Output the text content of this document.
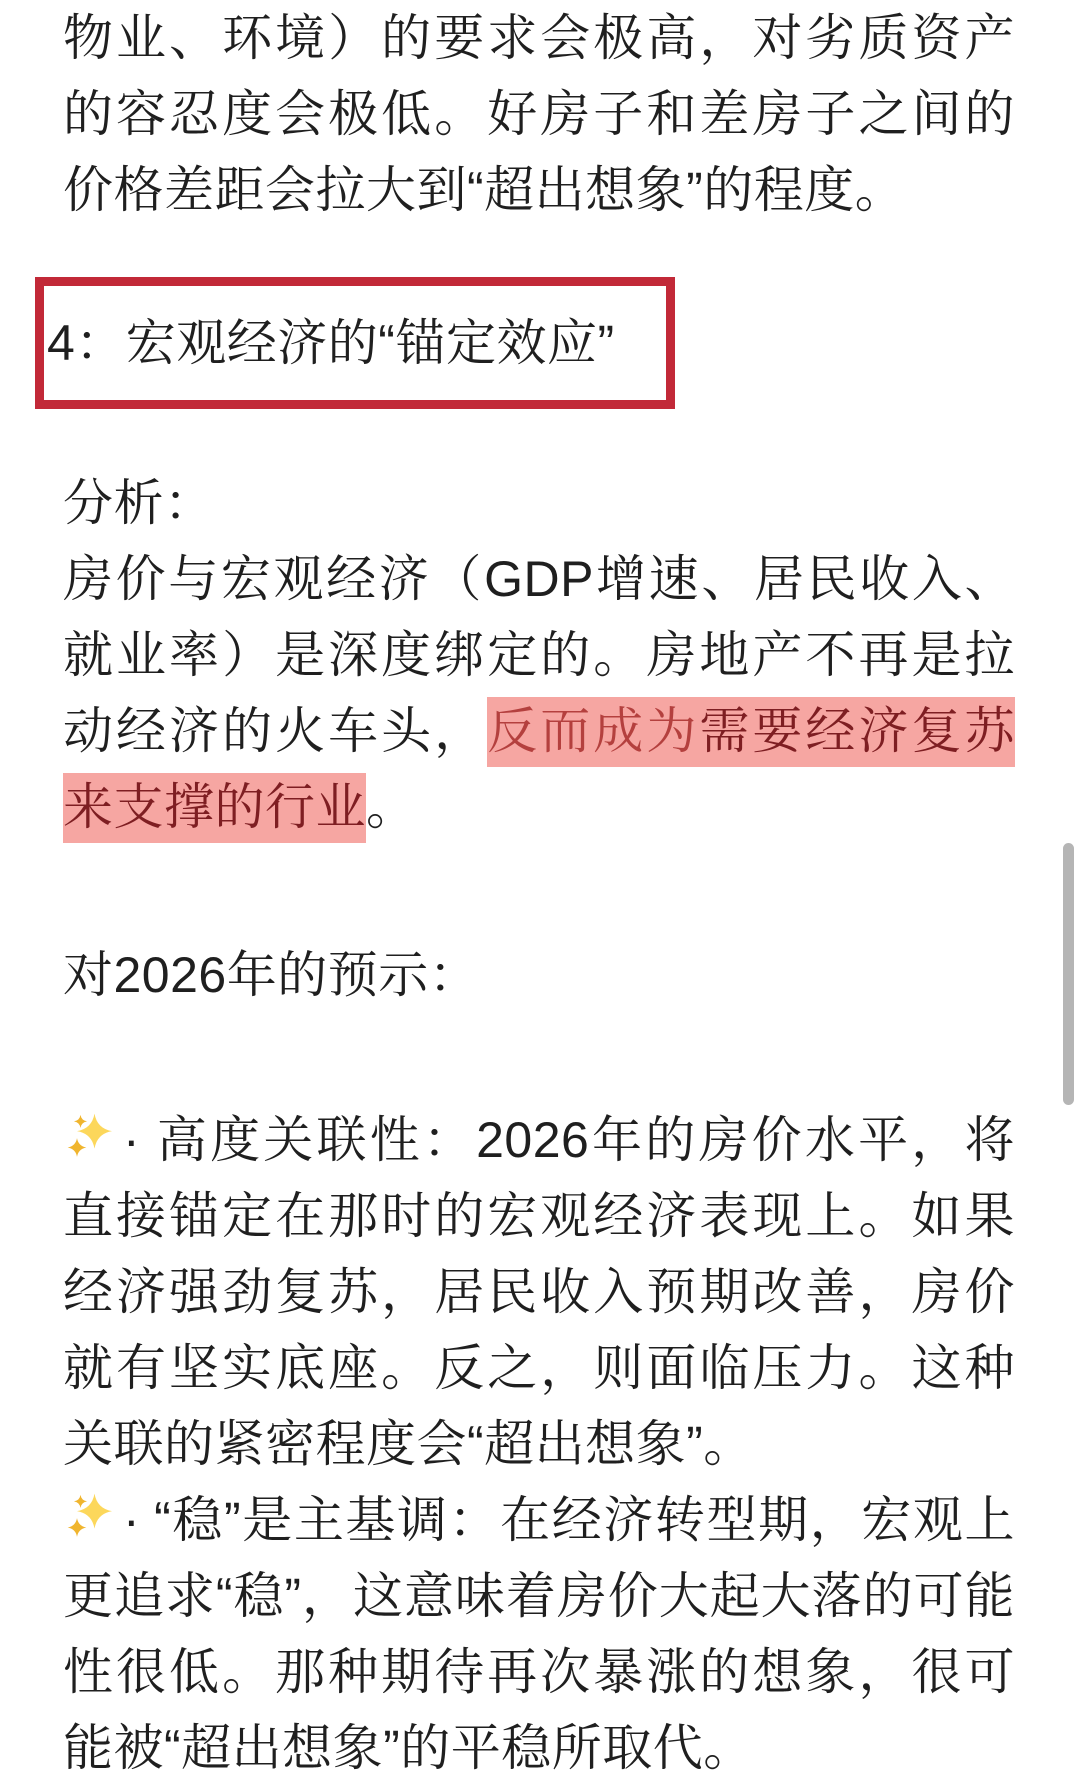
物业、环境）的要求会极高，对劣质资产的容忍度会极低。好房子和差房子之间的价格差距会拉大到“超出想象”的程度。

4：宏观经济的“锚定效应”

分析：

房价与宏观经济（GDP增速、居民收入、就业率）是深度绑定的。房地产不再是拉动经济的火车头，反而成为需要经济复苏来支撑的行业。

对2026年的预示：

· 高度关联性：2026年的房价水平，将直接锚定在那时的宏观经济表现上。如果经济强劲复苏，居民收入预期改善，房价就有坚实底座。反之，则面临压力。这种关联的紧密程度会“超出想象”。

· “稳”是主基调：在经济转型期，宏观上更追求“稳”，这意味着房价大起大落的可能性很低。那种期待再次暴涨的想象，很可能被“超出想象”的平稳所取代。
